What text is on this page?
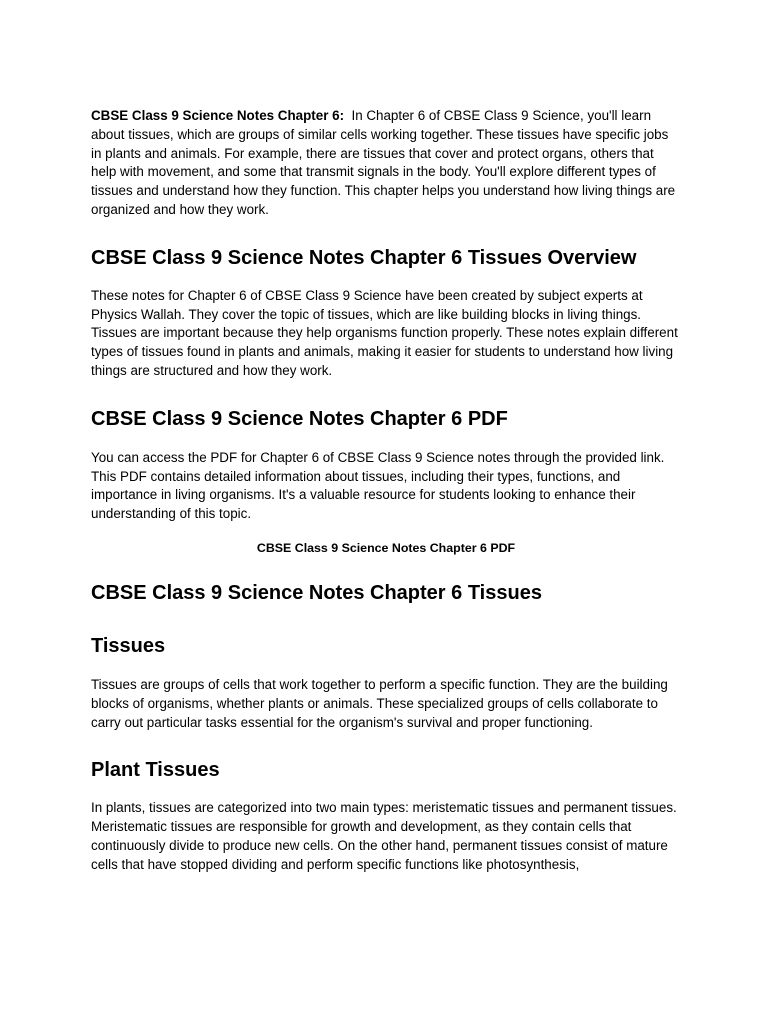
CBSE Class 9 Science Notes Chapter 6: In Chapter 6 of CBSE Class 9 Science, you'll learn about tissues, which are groups of similar cells working together. These tissues have specific jobs in plants and animals. For example, there are tissues that cover and protect organs, others that help with movement, and some that transmit signals in the body. You'll explore different types of tissues and understand how they function. This chapter helps you understand how living things are organized and how they work.

CBSE Class 9 Science Notes Chapter 6 Tissues Overview

These notes for Chapter 6 of CBSE Class 9 Science have been created by subject experts at Physics Wallah. They cover the topic of tissues, which are like building blocks in living things. Tissues are important because they help organisms function properly. These notes explain different types of tissues found in plants and animals, making it easier for students to understand how living things are structured and how they work.

CBSE Class 9 Science Notes Chapter 6 PDF

You can access the PDF for Chapter 6 of CBSE Class 9 Science notes through the provided link. This PDF contains detailed information about tissues, including their types, functions, and importance in living organisms. It's a valuable resource for students looking to enhance their understanding of this topic.

CBSE Class 9 Science Notes Chapter 6 PDF
CBSE Class 9 Science Notes Chapter 6 Tissues
Tissues

Tissues are groups of cells that work together to perform a specific function. They are the building blocks of organisms, whether plants or animals. These specialized groups of cells collaborate to carry out particular tasks essential for the organism's survival and proper functioning.

Plant Tissues

In plants, tissues are categorized into two main types: meristematic tissues and permanent tissues. Meristematic tissues are responsible for growth and development, as they contain cells that continuously divide to produce new cells. On the other hand, permanent tissues consist of mature cells that have stopped dividing and perform specific functions like photosynthesis,
